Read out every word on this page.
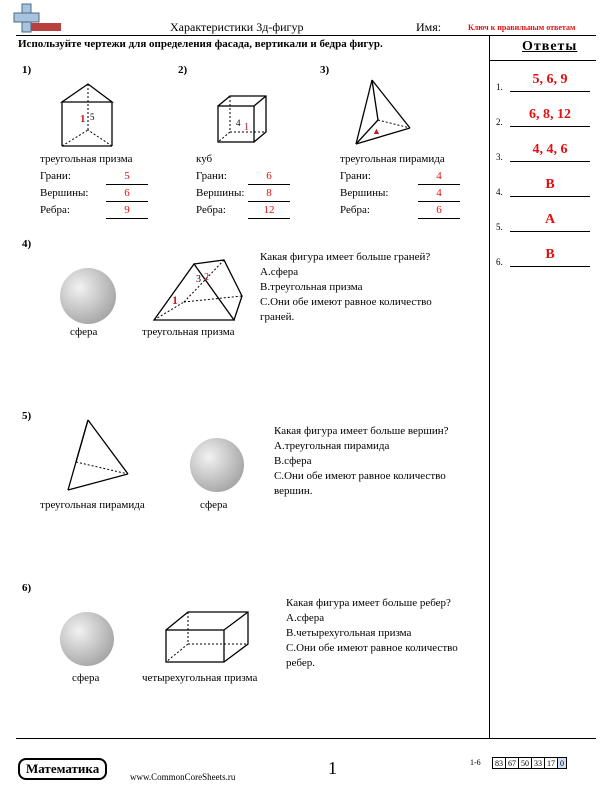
Характеристики 3д-фигур	Имя:	Ключ к правильным ответам
Используйте чертежи для определения фасада, вертикали и бедра фигур.	Ответы
1.	5, 6, 9
2.	6, 8, 12
3.	4, 4, 6
4.	B
5.	A
6.	B
1)
1 5
треугольная призма
2)
4 1
куб
3)
▲
треугольная пирамида
Грани:	5
Вершины:	6
Ребра:	9
Грани:	6
Вершины:	8
Ребра:	12
Грани:	4
Вершины:	4
Ребра:	6
4)
сфера
1
3 2
треугольная призма
Какая фигура имеет больше граней?
A.сфера
B.треугольная призма
C.Они обе имеют равное количество
граней.
5)
треугольная пирамида	сфера
Какая фигура имеет больше вершин?
A.треугольная пирамида
B.сфера
C.Они обе имеют равное количество
вершин.
6)
сфера	четырехугольная призма
Какая фигура имеет больше ребер?
A.сфера
B.четырехугольная призма
C.Они обе имеют равное количество
ребер.
Математика
www.CommonCoreSheets.ru	1	1-6 83	67	50	33	17	0
